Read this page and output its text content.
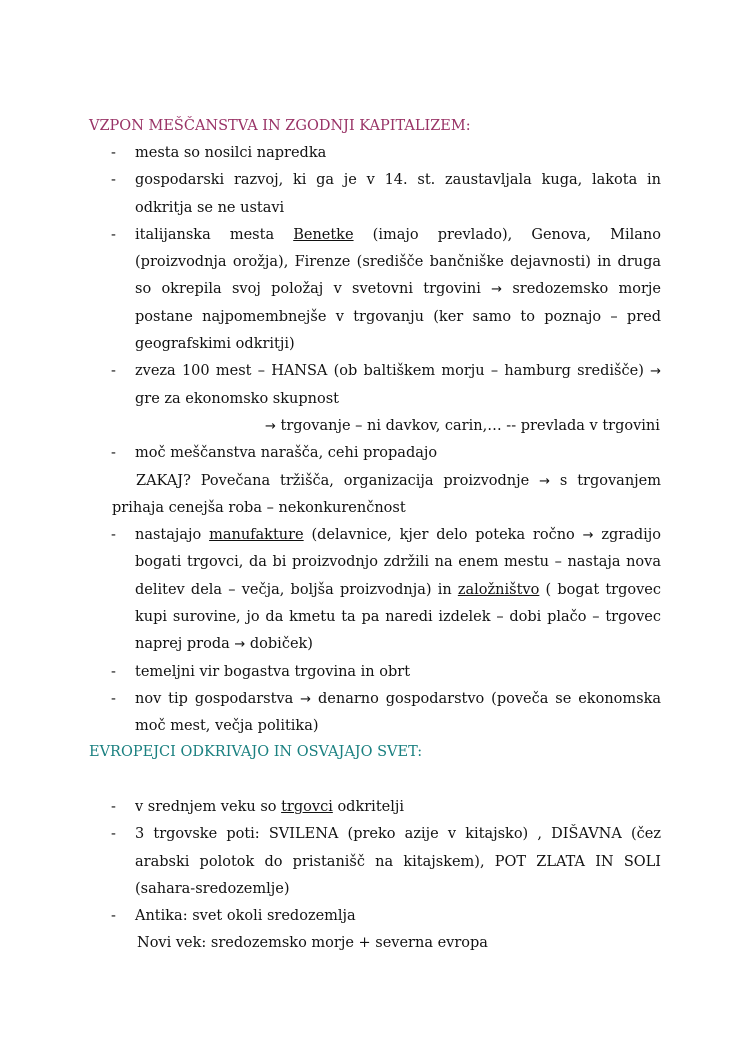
VZPON MEŠČANSTVA IN ZGODNJI KAPITALIZEM:
- mesta so nosilci napredka
- gospodarski razvoj, ki ga je v 14. st. zaustavljala kuga, lakota in odkritja se ne ustavi
- italijanska mesta Benetke (imajo prevlado), Genova, Milano (proizvodnja orožja), Firenze (središče bančniške dejavnosti) in druga so okrepila svoj položaj v svetovni trgovini → sredozemsko morje postane najpomembnejše v trgovanju (ker samo to poznajo – pred geografskimi odkritji)
- zveza 100 mest – HANSA (ob baltiškem morju – hamburg središče) → gre za ekonomsko skupnost
→ trgovanje – ni davkov, carin,… -- prevlada v trgovini
- moč meščanstva narašča, cehi propadajo
ZAKAJ? Povečana tržišča, organizacija proizvodnje → s trgovanjem prihaja cenejša roba – nekonkurenčnost
- nastajajo manufakture (delavnice, kjer delo poteka ročno → zgradijo bogati trgovci, da bi proizvodnjo zdržili na enem mestu – nastaja nova delitev dela – večja, boljša proizvodnja) in založništvo ( bogat trgovec kupi surovine, jo da kmetu ta pa naredi izdelek – dobi plačo – trgovec naprej proda → dobiček)
- temeljni vir bogastva trgovina in obrt
- nov tip gospodarstva → denarno gospodarstvo (poveča se ekonomska moč mest, večja politika)
EVROPEJCI ODKRIVAJO IN OSVAJAJO SVET:
- v srednjem veku so trgovci odkritelji
- 3 trgovske poti: SVILENA (preko azije v kitajsko) , DIŠAVNA (čez arabski polotok do pristanišč na kitajskem), POT ZLATA IN SOLI (sahara-sredozemlje)
- Antika: svet okoli sredozemlja
Novi vek: sredozemsko morje + severna evropa
